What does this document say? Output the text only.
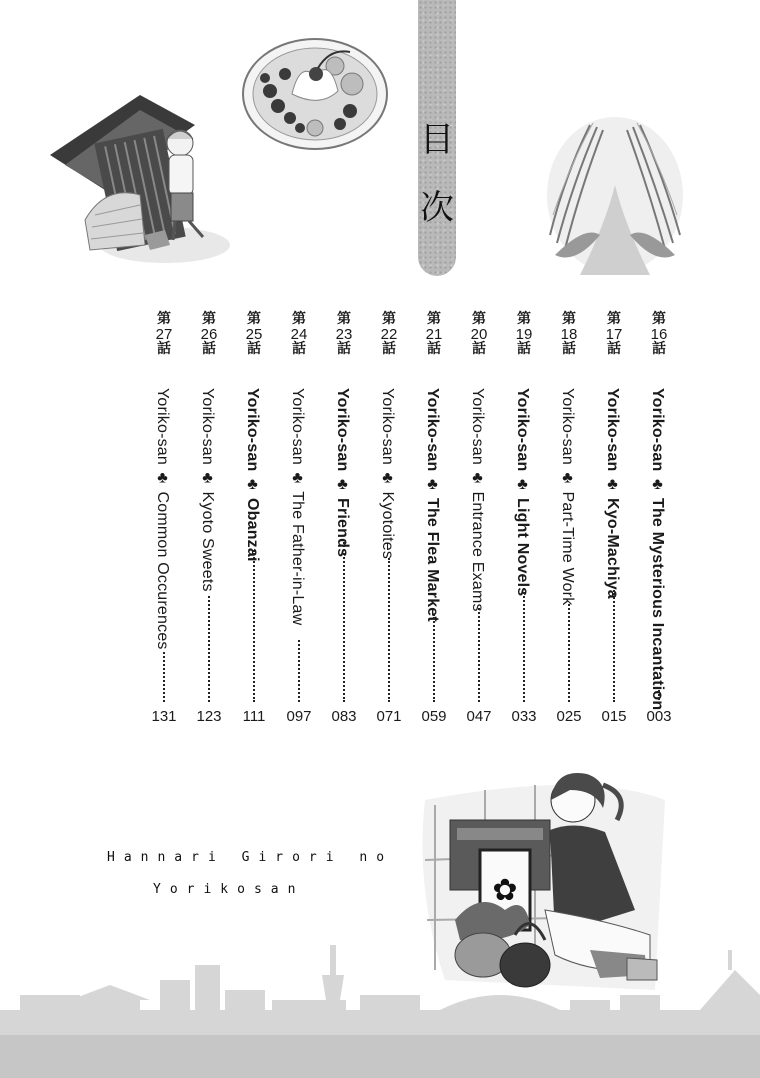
目
次
第
16
話
Yoriko-san ♣ The Mysterious Incantation
003
第
17
話
Yoriko-san ♣ Kyo-Machiya
015
第
18
話
Yoriko-san ♣ Part-Time Work
025
第
19
話
Yoriko-san ♣ Light Novels
033
第
20
話
Yoriko-san ♣ Entrance Exams
047
第
21
話
Yoriko-san ♣ The Flea Market
059
第
22
話
Yoriko-san ♣ Kyotoites
071
第
23
話
Yoriko-san ♣ Friends
083
第
24
話
Yoriko-san ♣ The Father-in-Law
097
第
25
話
Yoriko-san ♣ Obanzai
111
第
26
話
Yoriko-san ♣ Kyoto Sweets
123
第
27
話
Yoriko-san ♣ Common Occurences
131
Hannari Girori no
Yorikosan	✿
